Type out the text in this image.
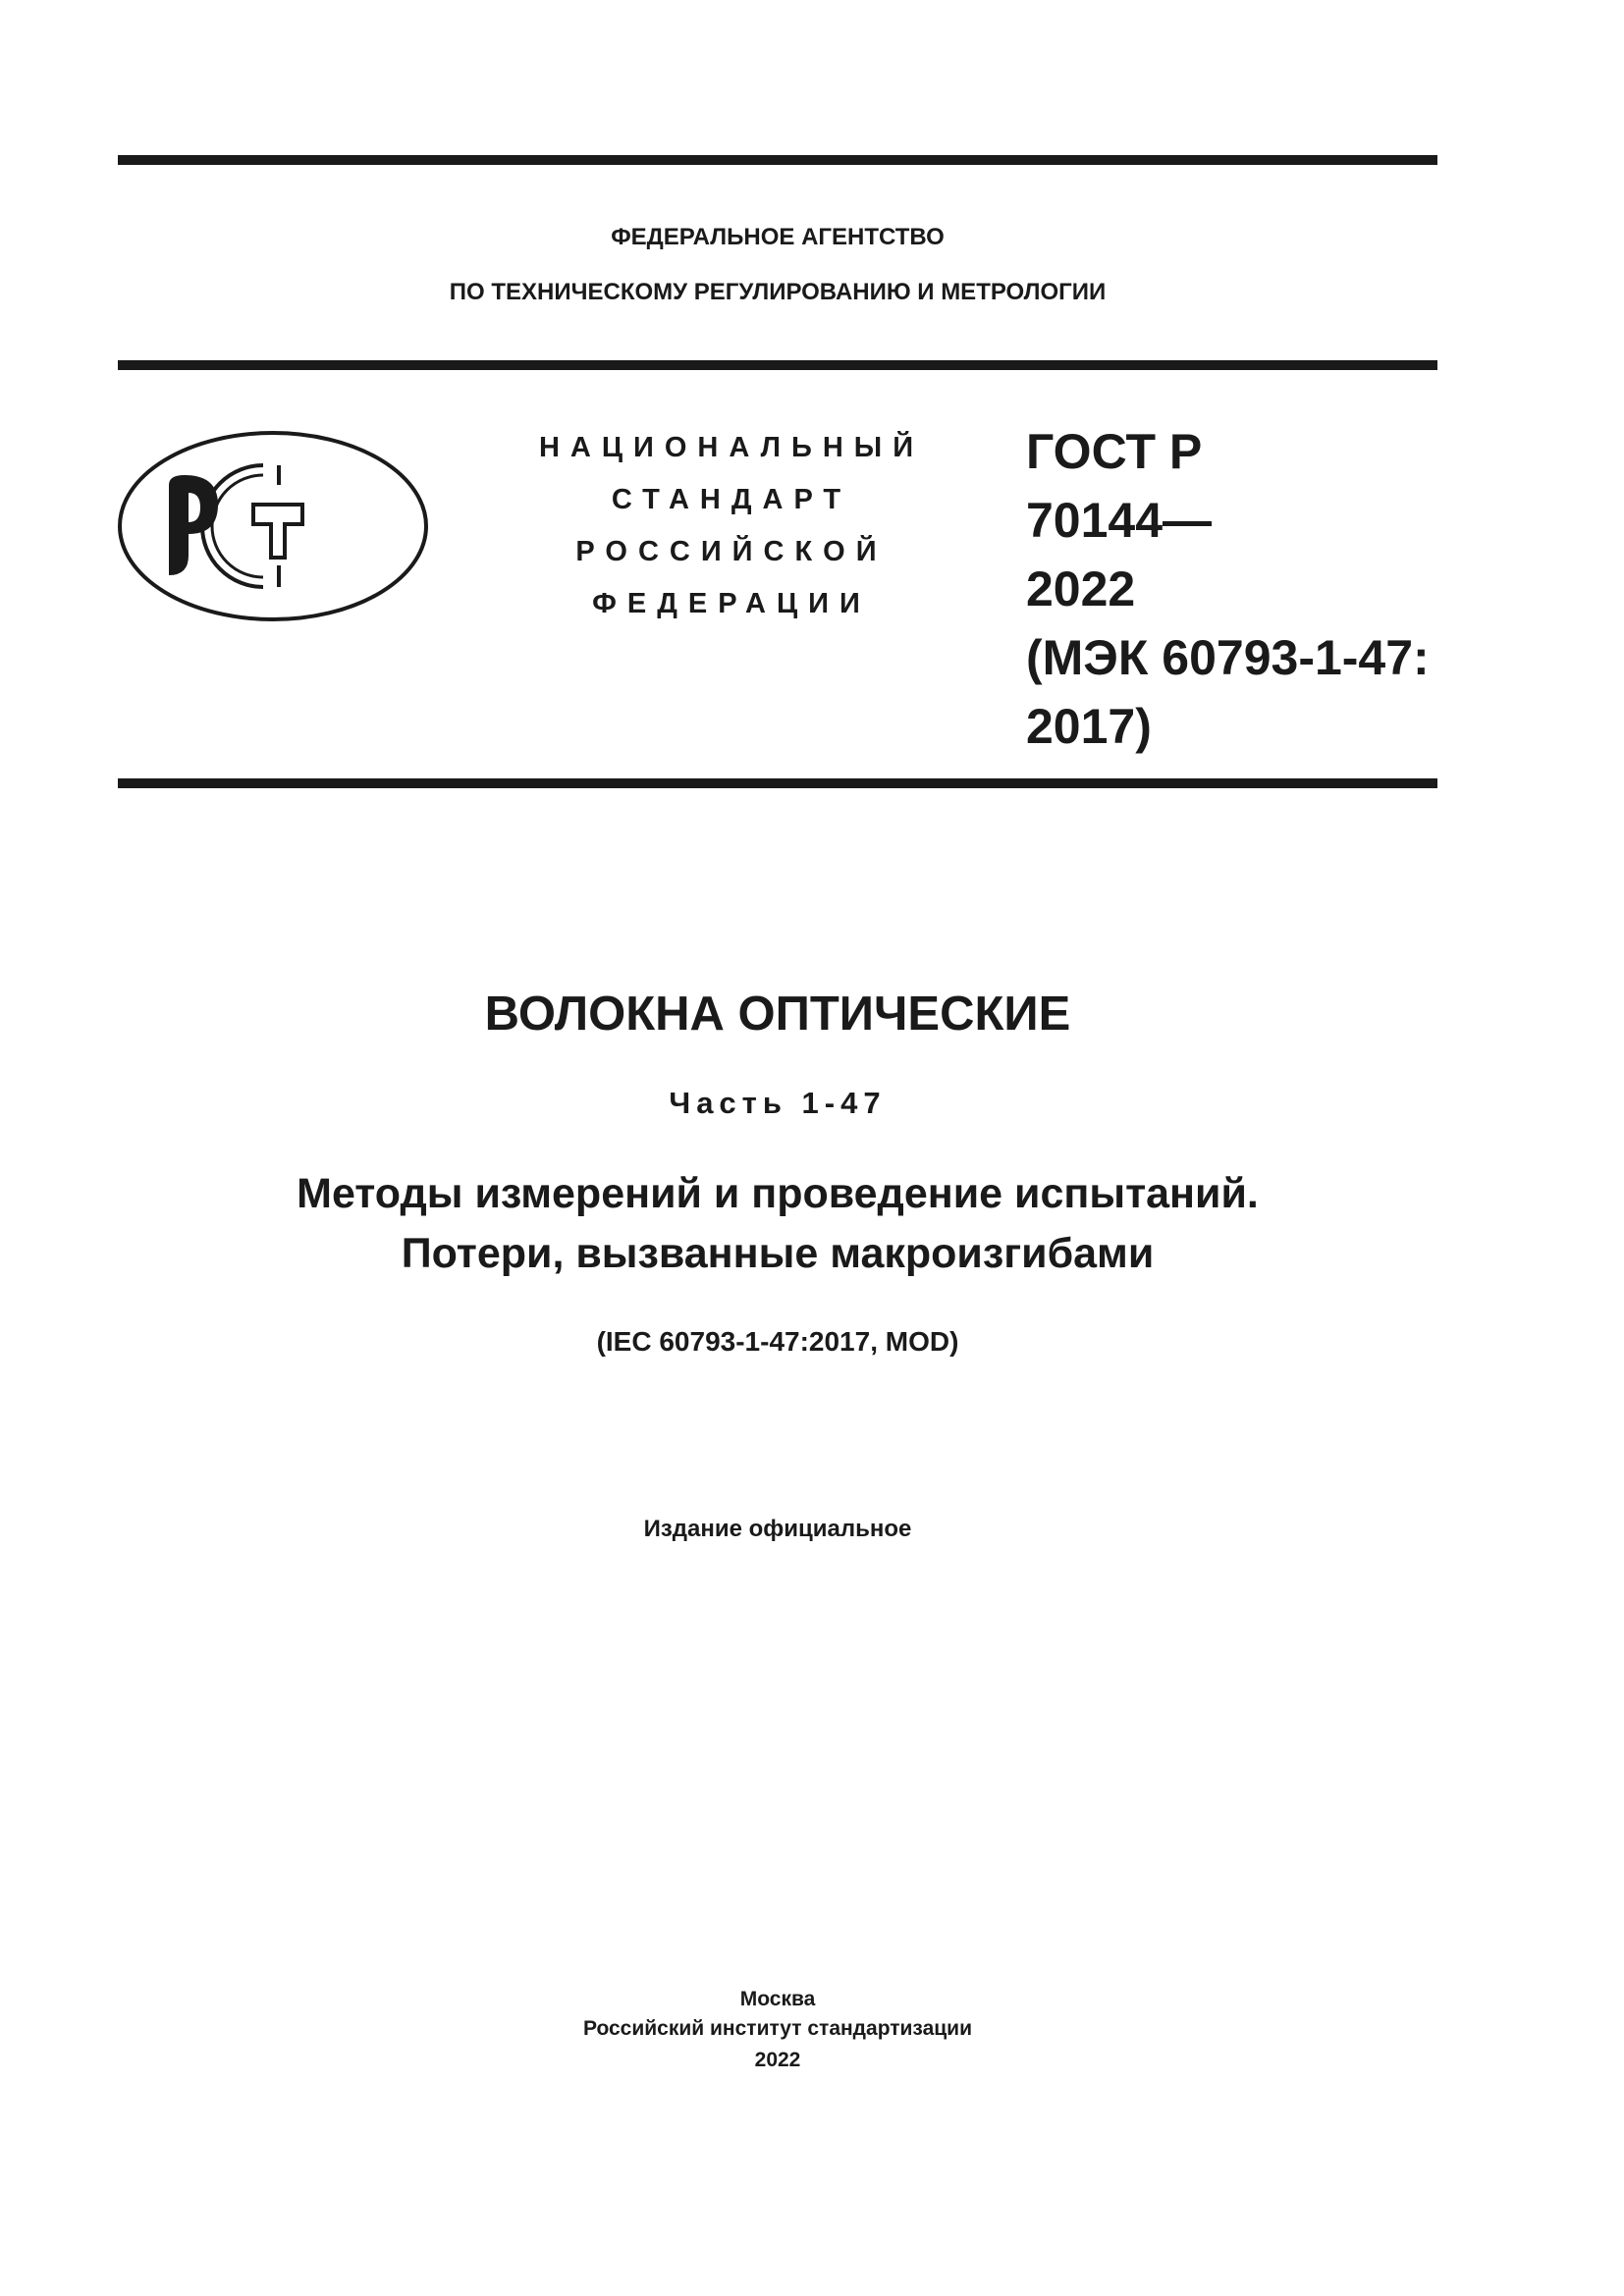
ФЕДЕРАЛЬНОЕ АГЕНТСТВО
ПО ТЕХНИЧЕСКОМУ РЕГУЛИРОВАНИЮ И МЕТРОЛОГИИ
НАЦИОНАЛЬНЫЙ
СТАНДАРТ
РОССИЙСКОЙ
ФЕДЕРАЦИИ
ГОСТ Р
70144—
2022
(МЭК 60793-1-47:
2017)
ВОЛОКНА ОПТИЧЕСКИЕ
Часть 1-47
Методы измерений и проведение испытаний.
Потери, вызванные макроизгибами
(IEC 60793-1-47:2017, MOD)
Издание официальное
Москва
Российский институт стандартизации
2022
